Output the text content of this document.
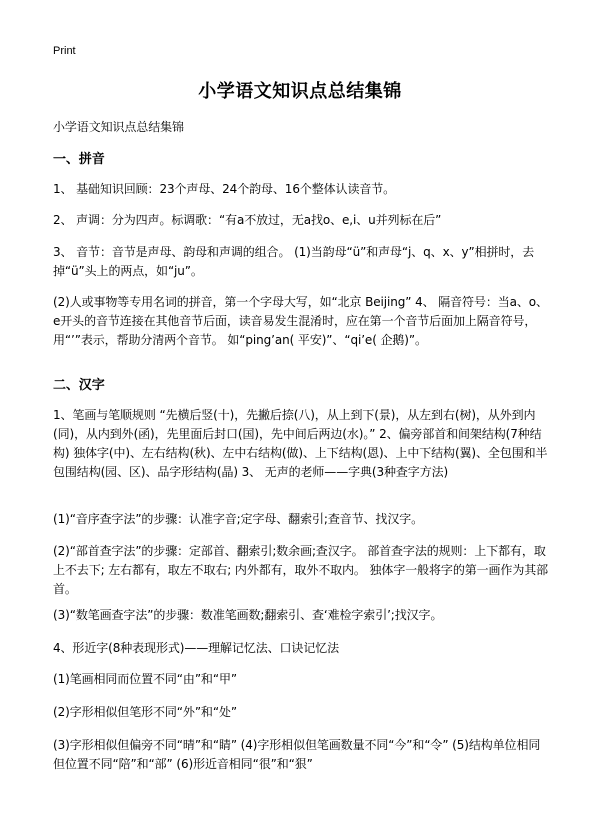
Print
小学语文知识点总结集锦
小学语文知识点总结集锦
一、拼音
1、 基础知识回顾：23个声母、24个韵母、16个整体认读音节。
2、 声调：分为四声。标调歌：“有a不放过，无a找o、e,i、u并列标在后”
3、 音节：音节是声母、韵母和声调的组合。 (1)当韵母“ü”和声母“j、q、x、y”相拼时，去掉“ü”头上的两点，如“ju”。
(2)人或事物等专用名词的拼音，第一个字母大写，如“北京 Beijing” 4、 隔音符号：当a、o、e开头的音节连接在其他音节后面，读音易发生混淆时，应在第一个音节后面加上隔音符号，用“’”表示，帮助分清两个音节。 如“ping’an( 平安)”、“qi’e( 企鹅)”。
二、汉字
1、笔画与笔顺规则 “先横后竖(十)，先撇后捺(八)，从上到下(景)，从左到右(树)，从外到内(同)，从内到外(函)，先里面后封口(国)，先中间后两边(水)。” 2、偏旁部首和间架结构(7种结构) 独体字(中)、左右结构(秋)、左中右结构(做)、上下结构(恩)、上中下结构(翼)、全包围和半包围结构(园、区)、品字形结构(晶) 3、 无声的老师——字典(3种查字方法)
(1)“音序查字法”的步骤：认准字音;定字母、翻索引;查音节、找汉字。
(2)“部首查字法”的步骤：定部首、翻索引;数余画;查汉字。 部首查字法的规则：上下都有，取上不去下; 左右都有，取左不取右; 内外都有，取外不取内。 独体字一般将字的第一画作为其部首。
(3)“数笔画查字法”的步骤：数准笔画数;翻索引、查‘难检字索引’;找汉字。
4、形近字(8种表现形式)——理解记忆法、口诀记忆法
(1)笔画相同而位置不同“由”和“甲”
(2)字形相似但笔形不同“外”和“处”
(3)字形相似但偏旁不同“晴”和“睛” (4)字形相似但笔画数量不同“今”和“令” (5)结构单位相同但位置不同“陪”和“部” (6)形近音相同“很”和“狠”
